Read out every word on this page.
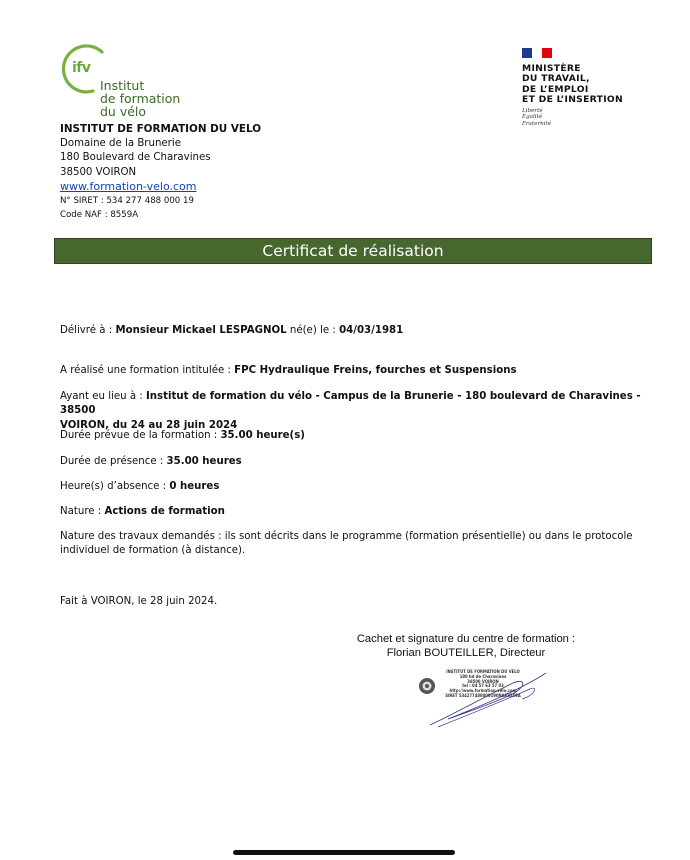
ifv
Institut
de formation
du vélo
MINISTÈRE
DU TRAVAIL,
DE L’EMPLOI
ET DE L’INSERTION
Liberté
Égalité
Fraternité
INSTITUT DE FORMATION DU VELO
Domaine de la Brunerie
180 Boulevard de Charavines
38500 VOIRON
www.formation-velo.com
N° SIRET : 534 277 488 000 19
Code NAF : 8559A
Certificat de réalisation
Délivré à : Monsieur Mickael LESPAGNOL né(e) le : 04/03/1981
A réalisé une formation intitulée : FPC Hydraulique Freins, fourches et Suspensions
Ayant eu lieu à : Institut de formation du vélo - Campus de la Brunerie - 180 boulevard de Charavines - 38500
VOIRON, du 24 au 28 juin 2024
Durée prévue de la formation : 35.00 heure(s)
Durée de présence : 35.00 heures
Heure(s) d’absence : 0 heures
Nature : Actions de formation
Nature des travaux demandés : ils sont décrits dans le programme (formation présentielle) ou dans le protocole
individuel de formation (à distance).
Fait à VOIRON, le 28 juin 2024.
Cachet et signature du centre de formation :
Florian BOUTEILLER, Directeur
INSTITUT DE FORMATION DU VELO
180 bd de Charavines
38500 VOIRON
tel : 04 57 63 57 03
http://www.formation-velo.com
SIRET 534277488000190NAF8559A
